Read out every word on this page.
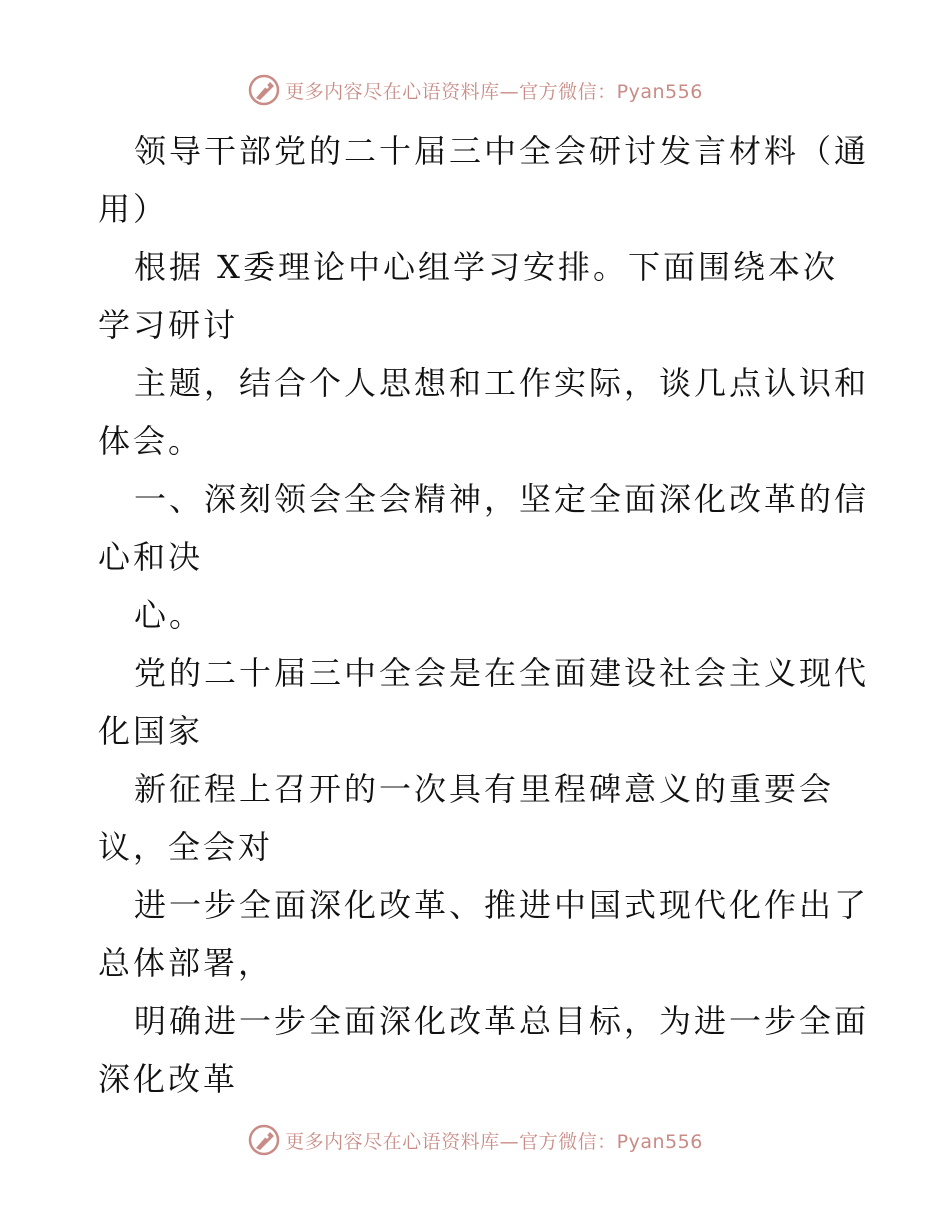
更多内容尽在心语资料库—官方微信：Pyan556
领导干部党的二十届三中全会研讨发言材料（通
用）
根据 X委理论中心组学习安排。下面围绕本次
学习研讨
主题，结合个人思想和工作实际，谈几点认识和
体会。
一、深刻领会全会精神，坚定全面深化改革的信
心和决
心。
党的二十届三中全会是在全面建设社会主义现代
化国家
新征程上召开的一次具有里程碑意义的重要会
议，全会对
进一步全面深化改革、推进中国式现代化作出了
总体部署，
明确进一步全面深化改革总目标，为进一步全面
深化改革
更多内容尽在心语资料库—官方微信：Pyan556
